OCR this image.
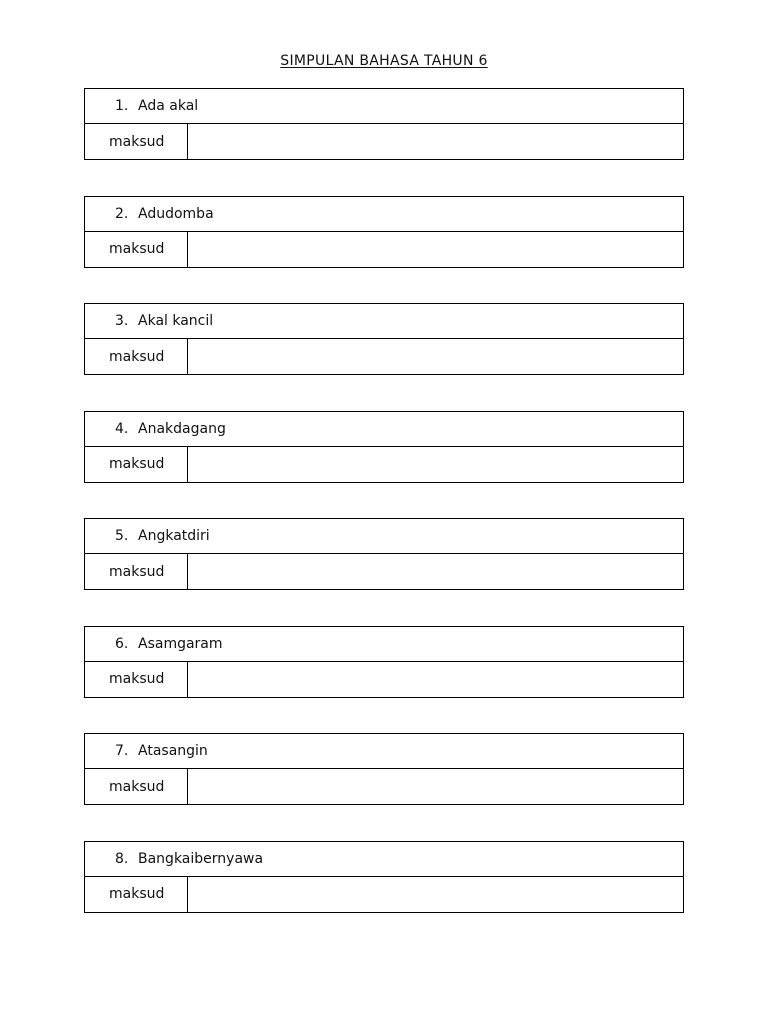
SIMPULAN BAHASA TAHUN 6
1. Ada akal
maksud
2. Adudomba
maksud
3. Akal kancil
maksud
4. Anakdagang
maksud
5. Angkatdiri
maksud
6. Asamgaram
maksud
7. Atasangin
maksud
8. Bangkaibernyawa
maksud
